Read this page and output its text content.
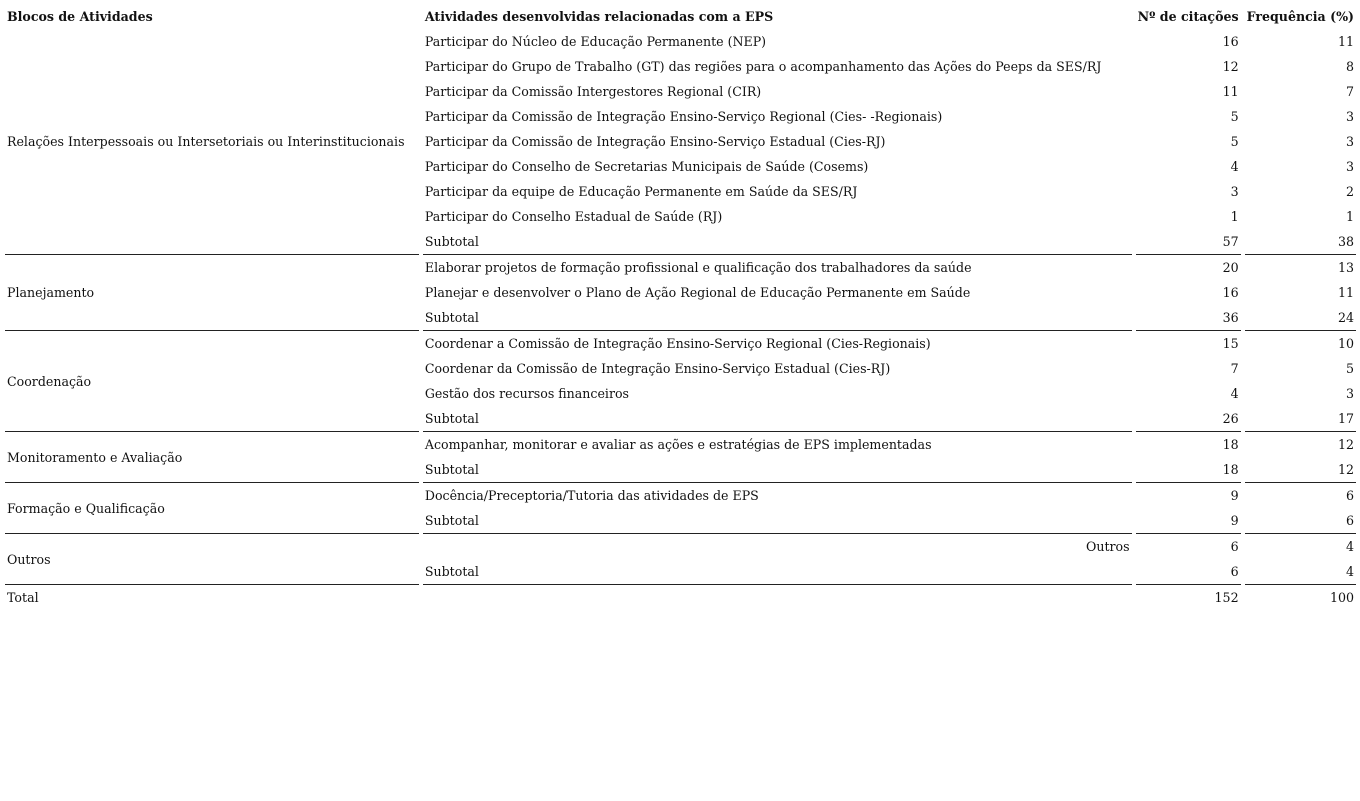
Blocos de Atividades	Atividades desenvolvidas relacionadas com a EPS	Nº de citações	Frequência (%)
Relações Interpessoais ou Intersetoriais ou Interinstitucionais	Participar do Núcleo de Educação Permanente (NEP)	16	11
	Participar do Grupo de Trabalho (GT) das regiões para o acompanhamento das Ações do Peeps da SES/RJ	12	8
	Participar da Comissão Intergestores Regional (CIR)	11	7
	Participar da Comissão de Integração Ensino-Serviço Regional (Cies- -Regionais)	5	3
	Participar da Comissão de Integração Ensino-Serviço Estadual (Cies-RJ)	5	3
	Participar do Conselho de Secretarias Municipais de Saúde (Cosems)	4	3
	Participar da equipe de Educação Permanente em Saúde da SES/RJ	3	2
	Participar do Conselho Estadual de Saúde (RJ)	1	1
	Subtotal	57	38
Planejamento	Elaborar projetos de formação profissional e qualificação dos trabalhadores da saúde	20	13
	Planejar e desenvolver o Plano de Ação Regional de Educação Permanente em Saúde	16	11
	Subtotal	36	24
Coordenação	Coordenar a Comissão de Integração Ensino-Serviço Regional (Cies-Regionais)	15	10
	Coordenar da Comissão de Integração Ensino-Serviço Estadual (Cies-RJ)	7	5
	Gestão dos recursos financeiros	4	3
	Subtotal	26	17
Monitoramento e Avaliação	Acompanhar, monitorar e avaliar as ações e estratégias de EPS implementadas	18	12
	Subtotal	18	12
Formação e Qualificação	Docência/Preceptoria/Tutoria das atividades de EPS	9	6
	Subtotal	9	6
Outros	Outros	6	4
	Subtotal	6	4
Total		152	100
